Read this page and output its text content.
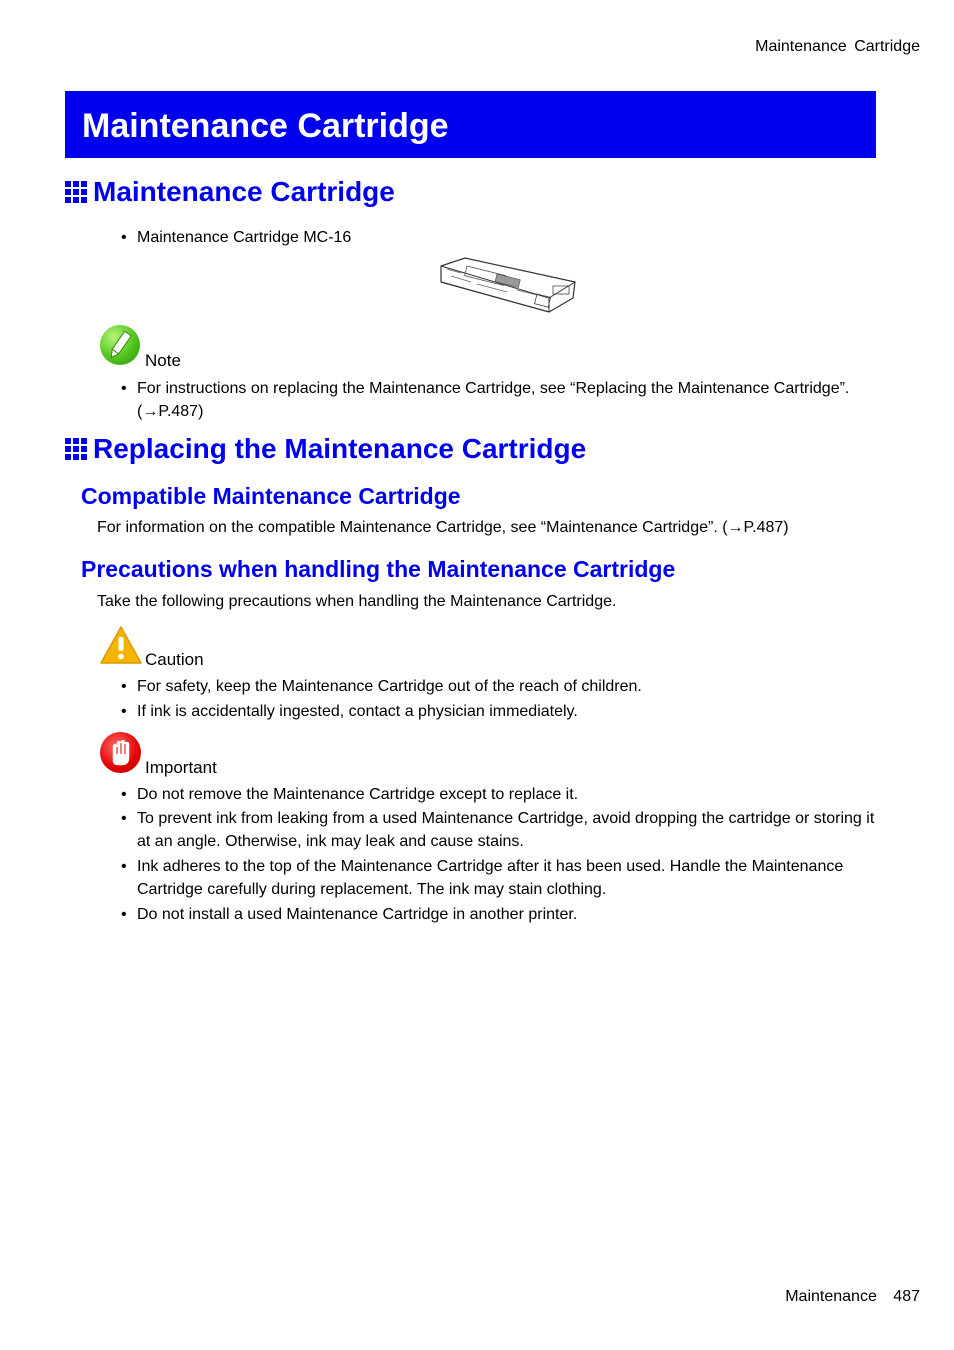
Maintenance Cartridge
Maintenance Cartridge
Maintenance Cartridge
• Maintenance Cartridge MC-16
Note
• For instructions on replacing the Maintenance Cartridge, see “Replacing the Maintenance Cartridge”.
(→P.487)
Replacing the Maintenance Cartridge
Compatible Maintenance Cartridge
For information on the compatible Maintenance Cartridge, see “Maintenance Cartridge”. (→P.487)
Precautions when handling the Maintenance Cartridge
Take the following precautions when handling the Maintenance Cartridge.
Caution
• For safety, keep the Maintenance Cartridge out of the reach of children.
• If ink is accidentally ingested, contact a physician immediately.
Important
• Do not remove the Maintenance Cartridge except to replace it.
• To prevent ink from leaking from a used Maintenance Cartridge, avoid dropping the cartridge or storing it at an angle. Otherwise, ink may leak and cause stains.
• Ink adheres to the top of the Maintenance Cartridge after it has been used. Handle the Maintenance Cartridge carefully during replacement. The ink may stain clothing.
• Do not install a used Maintenance Cartridge in another printer.
Maintenance 487
